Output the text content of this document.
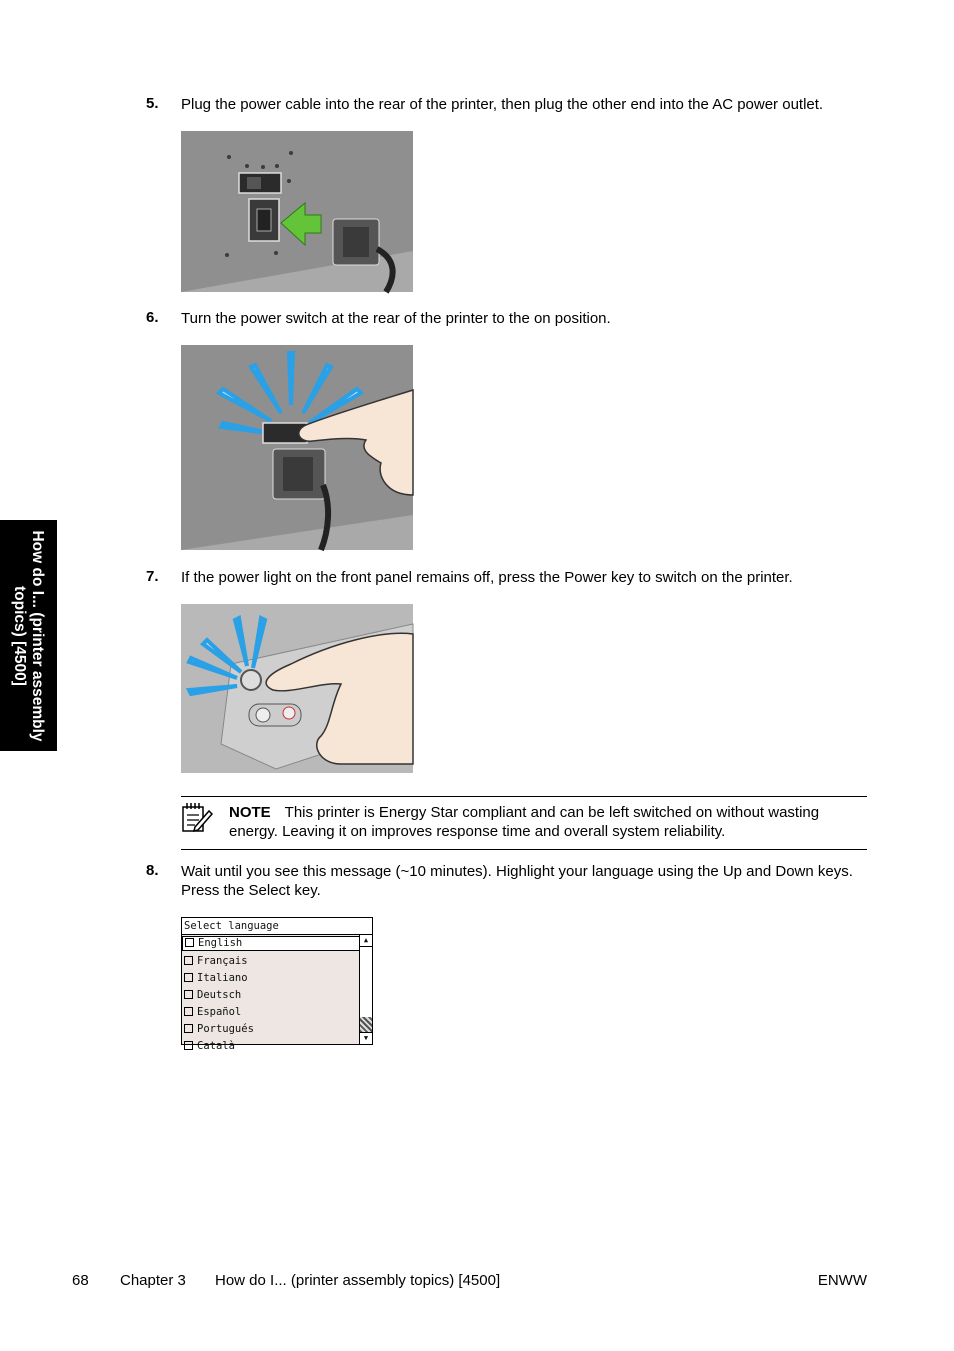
How do I... (printer assembly topics) [4500]
5. Plug the power cable into the rear of the printer, then plug the other end into the AC power outlet.
6. Turn the power switch at the rear of the printer to the on position.
7. If the power light on the front panel remains off, press the Power key to switch on the printer.
NOTE This printer is Energy Star compliant and can be left switched on without wasting energy. Leaving it on improves response time and overall system reliability.
8. Wait until you see this message (~10 minutes). Highlight your language using the Up and Down keys. Press the Select key.
Select language
English
Français
Italiano
Deutsch
Español
Portugués
Català
▲
▼
68 Chapter 3 How do I... (printer assembly topics) [4500]	ENWW
